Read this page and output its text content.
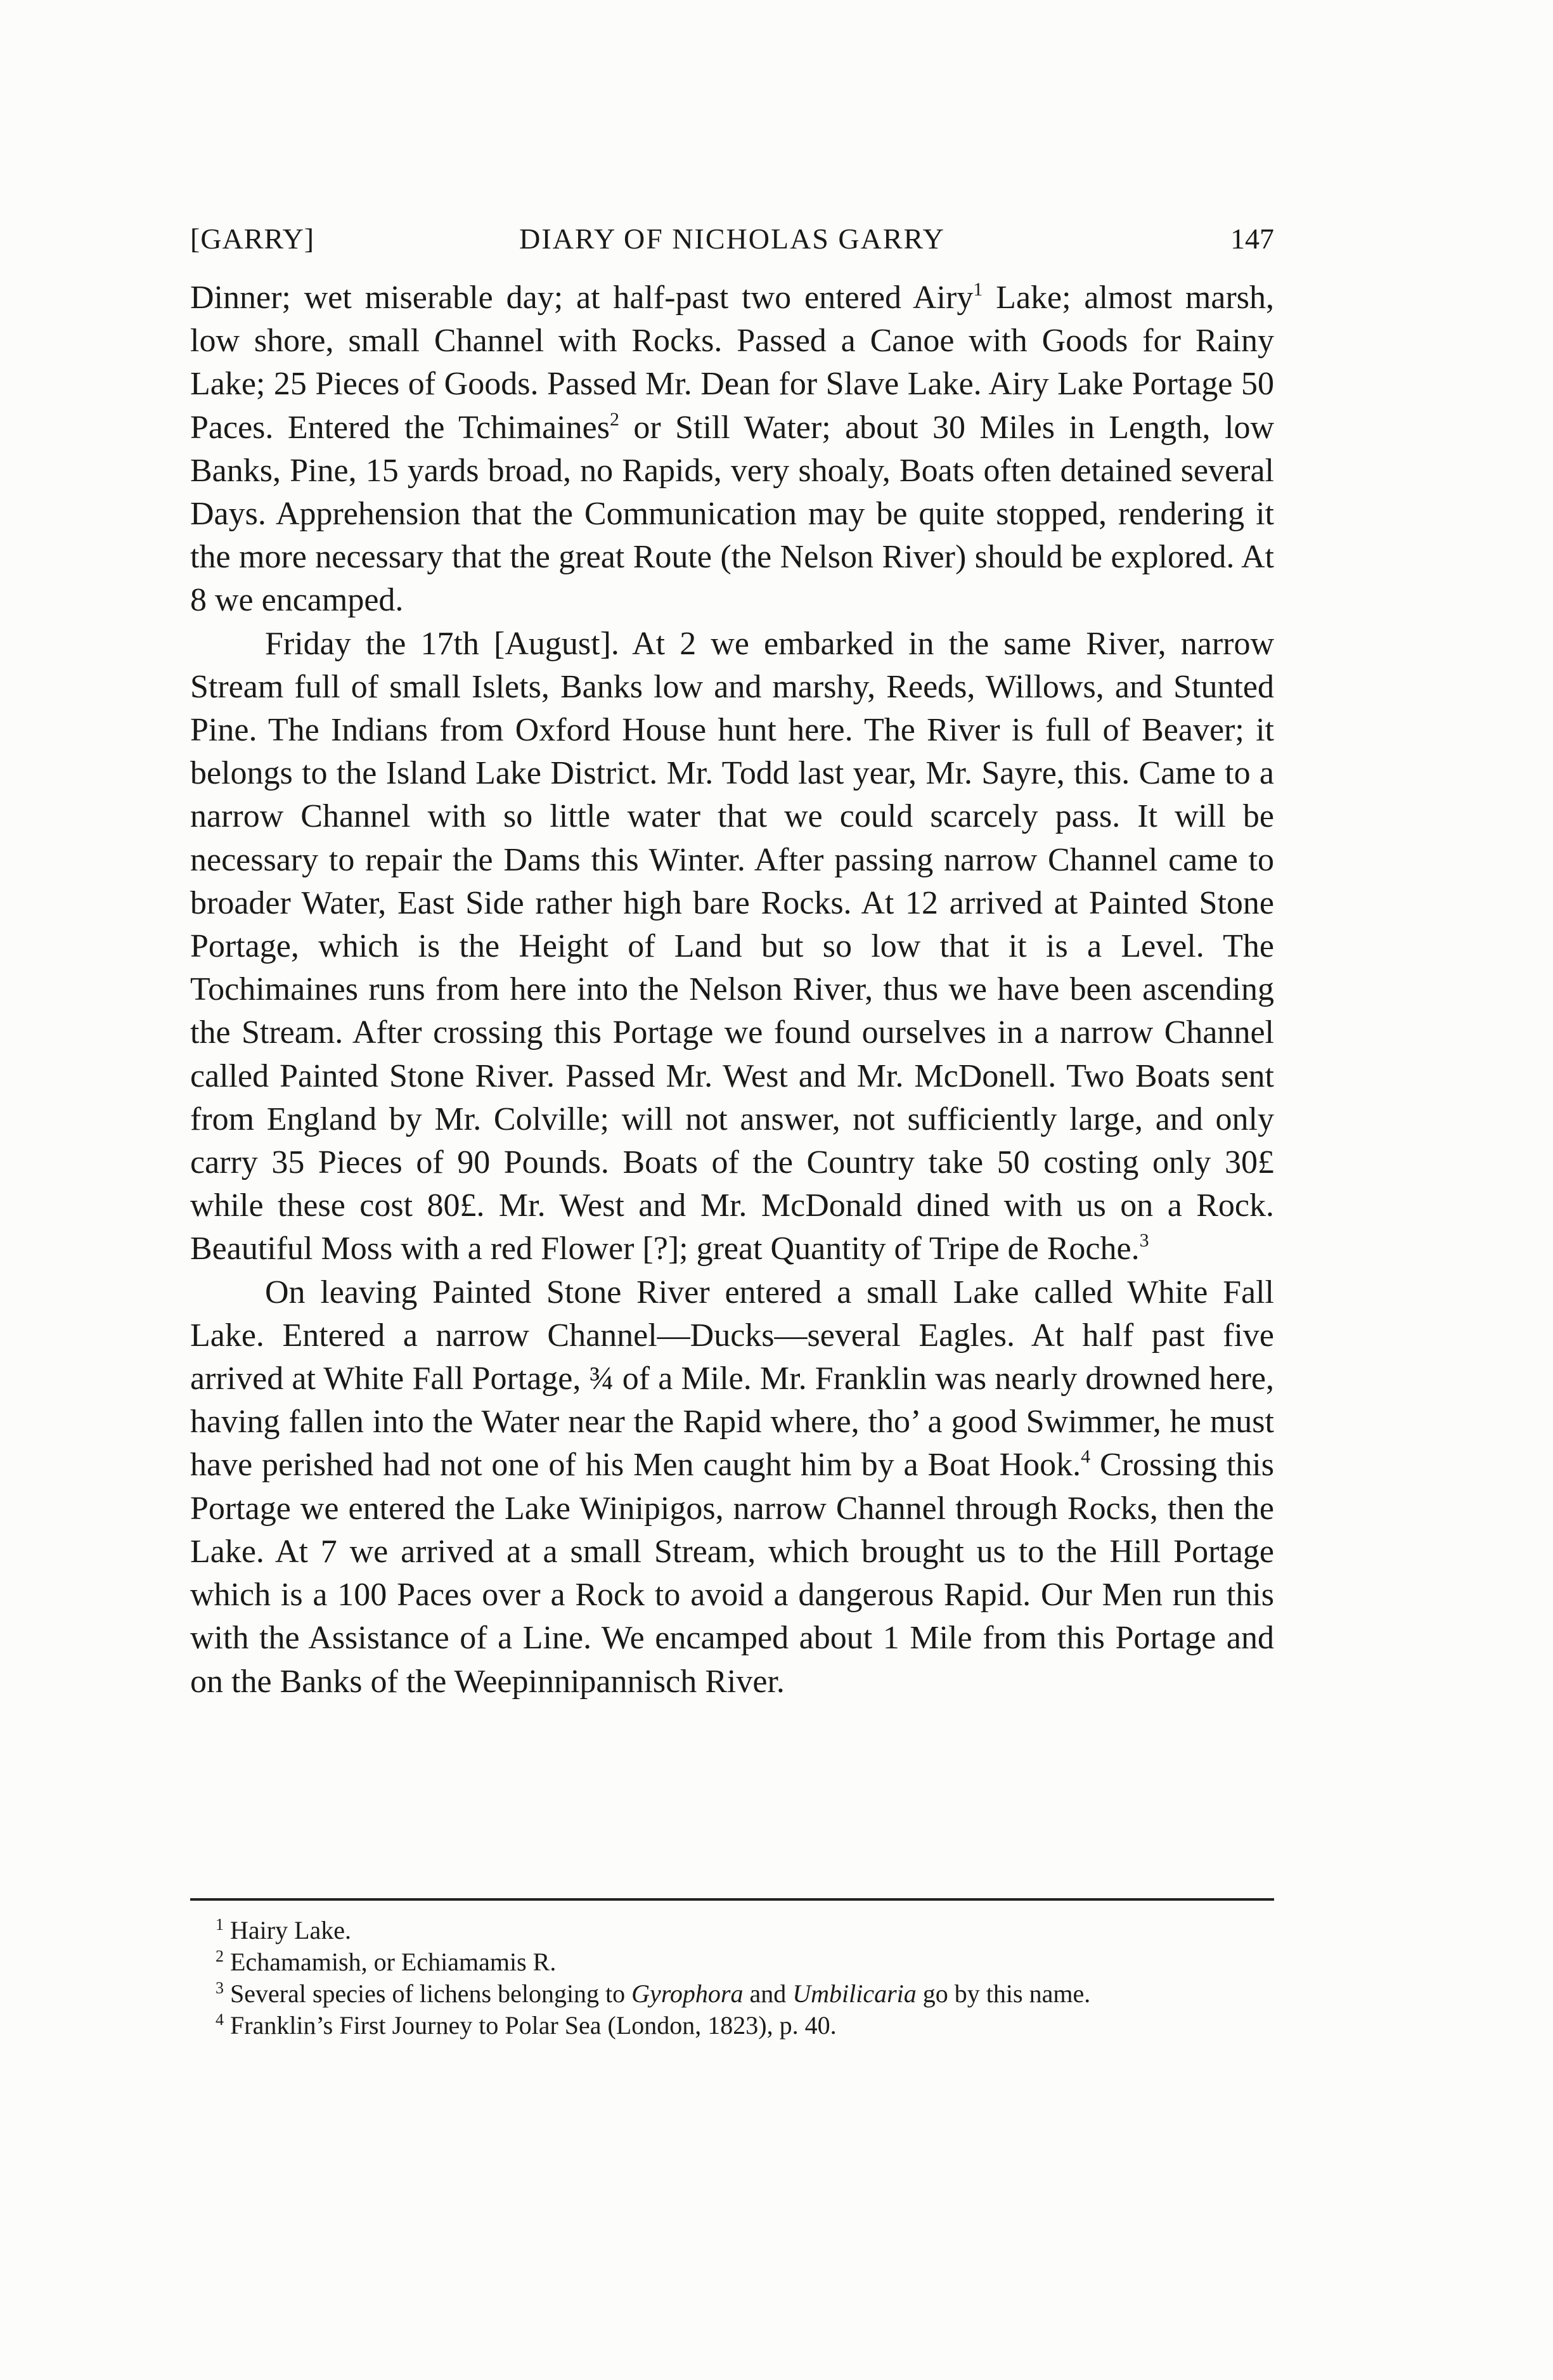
[GARRY]	DIARY OF NICHOLAS GARRY	147

Dinner; wet miserable day; at half-past two entered Airy$^1$ Lake; almost marsh, low shore, small Channel with Rocks. Passed a Canoe with Goods for Rainy Lake; 25 Pieces of Goods. Passed Mr. Dean for Slave Lake. Airy Lake Portage 50 Paces. Entered the Tchimaines$^2$ or Still Water; about 30 Miles in Length, low Banks, Pine, 15 yards broad, no Rapids, very shoaly, Boats often detained several Days. Apprehension that the Communication may be quite stopped, rendering it the more necessary that the great Route (the Nelson River) should be explored. At 8 we encamped.

Friday the 17th [August]. At 2 we embarked in the same River, narrow Stream full of small Islets, Banks low and marshy, Reeds, Willows, and Stunted Pine. The Indians from Oxford House hunt here. The River is full of Beaver; it belongs to the Island Lake District. Mr. Todd last year, Mr. Sayre, this. Came to a narrow Channel with so little water that we could scarcely pass. It will be necessary to repair the Dams this Winter. After passing narrow Channel came to broader Water, East Side rather high bare Rocks. At 12 arrived at Painted Stone Portage, which is the Height of Land but so low that it is a Level. The Tochimaines runs from here into the Nelson River, thus we have been ascending the Stream. After crossing this Portage we found ourselves in a narrow Channel called Painted Stone River. Passed Mr. West and Mr. McDonell. Two Boats sent from England by Mr. Colville; will not answer, not sufficiently large, and only carry 35 Pieces of 90 Pounds. Boats of the Country take 50 costing only 30£ while these cost 80£. Mr. West and Mr. McDonald dined with us on a Rock. Beautiful Moss with a red Flower [?]; great Quantity of Tripe de Roche.$^3$

On leaving Painted Stone River entered a small Lake called White Fall Lake. Entered a narrow Channel—Ducks—several Eagles. At half past five arrived at White Fall Portage, ¾ of a Mile. Mr. Franklin was nearly drowned here, having fallen into the Water near the Rapid where, tho’ a good Swimmer, he must have perished had not one of his Men caught him by a Boat Hook.$^4$ Crossing this Portage we entered the Lake Winipigos, narrow Channel through Rocks, then the Lake. At 7 we arrived at a small Stream, which brought us to the Hill Portage which is a 100 Paces over a Rock to avoid a dangerous Rapid. Our Men run this with the Assistance of a Line. We encamped about 1 Mile from this Portage and on the Banks of the Weepinnipannisch River.

$^1$ Hairy Lake.

$^2$ Echamamish, or Echiamamis R.

$^3$ Several species of lichens belonging to Gyrophora and Umbilicaria go by this name.

$^4$ Franklin’s First Journey to Polar Sea (London, 1823), p. 40.
